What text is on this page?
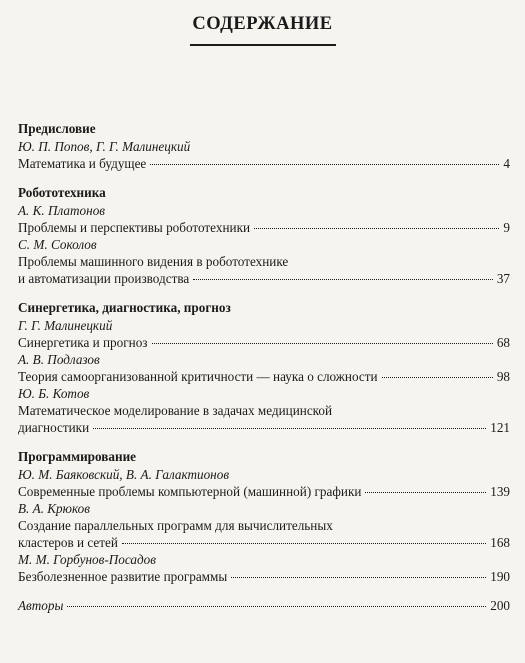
СОДЕРЖАНИЕ
Предисловие
Ю. П. Попов, Г. Г. Малинецкий
Математика и будущее	4
Робототехника
А. К. Платонов
Проблемы и перспективы робототехники	9
С. М. Соколов
Проблемы машинного видения в робототехнике
и автоматизации производства	37
Синергетика, диагностика, прогноз
Г. Г. Малинецкий
Синергетика и прогноз	68
А. В. Подлазов
Теория самоорганизованной критичности — наука о сложности	98
Ю. Б. Котов
Математическое моделирование в задачах медицинской
диагностики	121
Программирование
Ю. М. Баяковский, В. А. Галактионов
Современные проблемы компьютерной (машинной) графики	139
В. А. Крюков
Создание параллельных программ для вычислительных
кластеров и сетей	168
М. М. Горбунов-Посадов
Безболезненное развитие программы	190
Авторы	200
